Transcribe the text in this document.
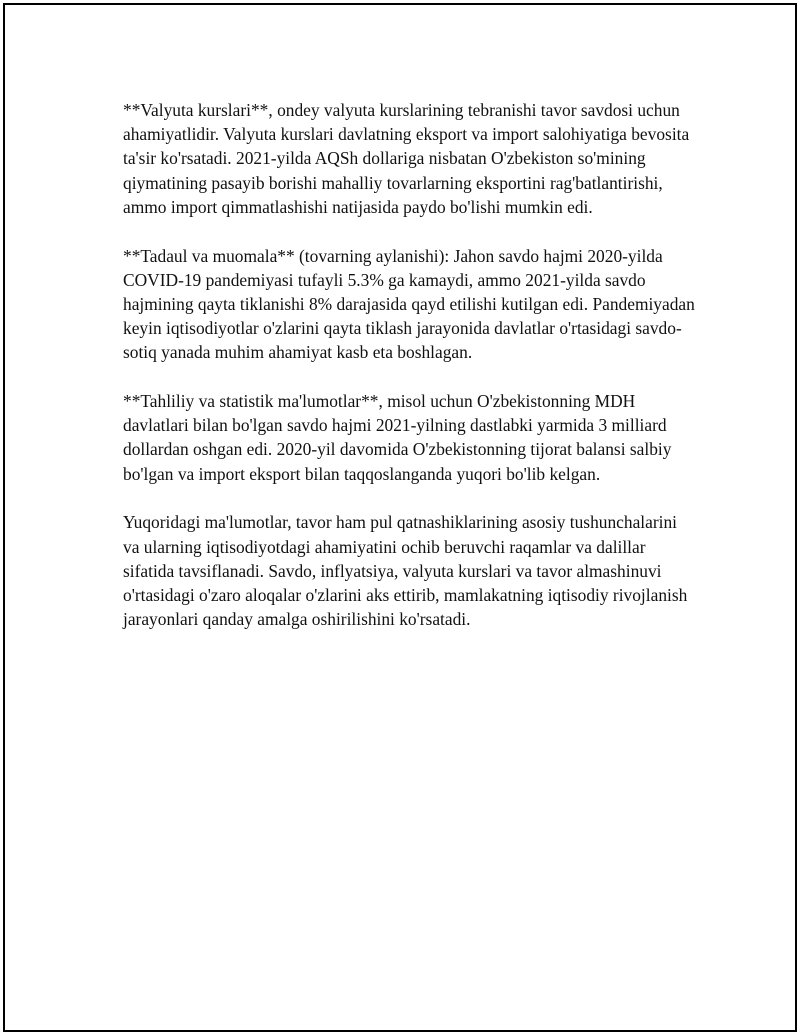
**Valyuta kurslari**, ondey valyuta kurslarining tebranishi tavor savdosi uchun ahamiyatlidir. Valyuta kurslari davlatning eksport va import salohiyatiga bevosita ta'sir ko'rsatadi. 2021-yilda AQSh dollariga nisbatan O'zbekiston so'mining qiymatining pasayib borishi mahalliy tovarlarning eksportini rag'batlantirishi, ammo import qimmatlashishi natijasida paydo bo'lishi mumkin edi.

**Tadaul va muomala** (tovarning aylanishi): Jahon savdo hajmi 2020-yilda COVID-19 pandemiyasi tufayli 5.3% ga kamaydi, ammo 2021-yilda savdo hajmining qayta tiklanishi 8% darajasida qayd etilishi kutilgan edi. Pandemiyadan keyin iqtisodiyotlar o'zlarini qayta tiklash jarayonida davlatlar o'rtasidagi savdo-sotiq yanada muhim ahamiyat kasb eta boshlagan.

**Tahliliy va statistik ma'lumotlar**, misol uchun O'zbekistonning MDH davlatlari bilan bo'lgan savdo hajmi 2021-yilning dastlabki yarmida 3 milliard dollardan oshgan edi. 2020-yil davomida O'zbekistonning tijorat balansi salbiy bo'lgan va import eksport bilan taqqoslanganda yuqori bo'lib kelgan.

Yuqoridagi ma'lumotlar, tavor ham pul qatnashiklarining asosiy tushunchalarini va ularning iqtisodiyotdagi ahamiyatini ochib beruvchi raqamlar va dalillar sifatida tavsiflanadi. Savdo, inflyatsiya, valyuta kurslari va tavor almashinuvi o'rtasidagi o'zaro aloqalar o'zlarini aks ettirib, mamlakatning iqtisodiy rivojlanish jarayonlari qanday amalga oshirilishini ko'rsatadi.
